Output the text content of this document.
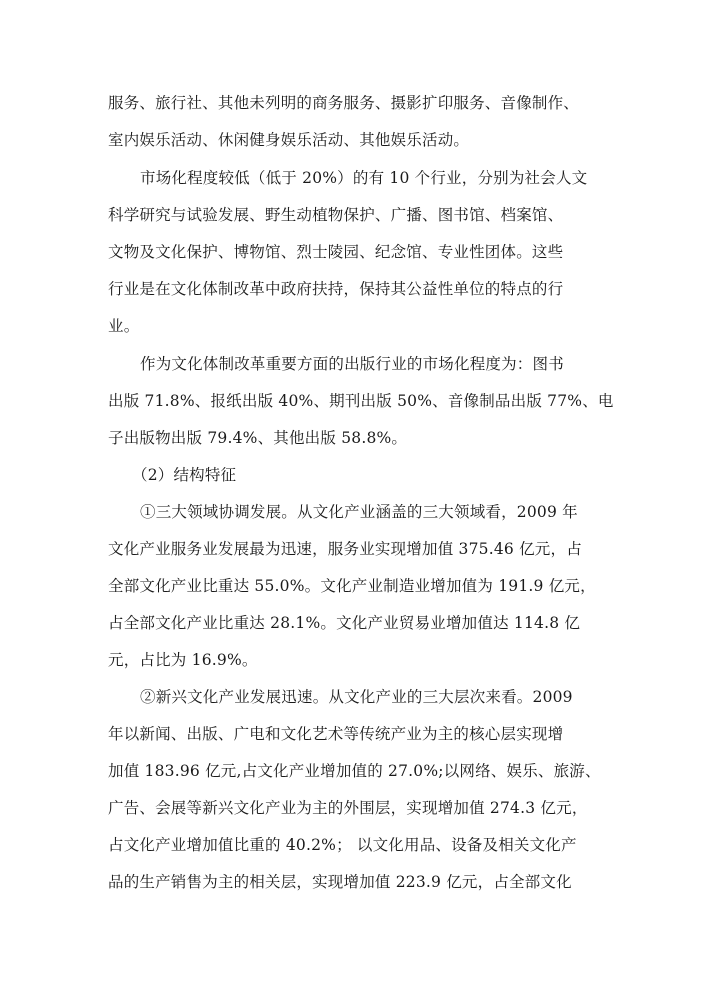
服务、旅行社、其他未列明的商务服务、摄影扩印服务、音像制作、
室内娱乐活动、休闲健身娱乐活动、其他娱乐活动。
市场化程度较低（低于 20%）的有 10 个行业，分别为社会人文
科学研究与试验发展、野生动植物保护、广播、图书馆、档案馆、
文物及文化保护、博物馆、烈士陵园、纪念馆、专业性团体。这些
行业是在文化体制改革中政府扶持，保持其公益性单位的特点的行
业。
作为文化体制改革重要方面的出版行业的市场化程度为：图书
出版 71.8%、报纸出版 40%、期刊出版 50%、音像制品出版 77%、电
子出版物出版 79.4%、其他出版 58.8%。
（2）结构特征
①三大领域协调发展。从文化产业涵盖的三大领域看，2009 年
文化产业服务业发展最为迅速，服务业实现增加值 375.46 亿元，占
全部文化产业比重达 55.0%。文化产业制造业增加值为 191.9 亿元，
占全部文化产业比重达 28.1%。文化产业贸易业增加值达 114.8 亿
元，占比为 16.9%。
②新兴文化产业发展迅速。从文化产业的三大层次来看。2009
年以新闻、出版、广电和文化艺术等传统产业为主的核心层实现增
加值 183.96 亿元,占文化产业增加值的 27.0%;以网络、娱乐、旅游、
广告、会展等新兴文化产业为主的外围层，实现增加值 274.3 亿元，
占文化产业增加值比重的 40.2%； 以文化用品、设备及相关文化产
品的生产销售为主的相关层，实现增加值 223.9 亿元，占全部文化
